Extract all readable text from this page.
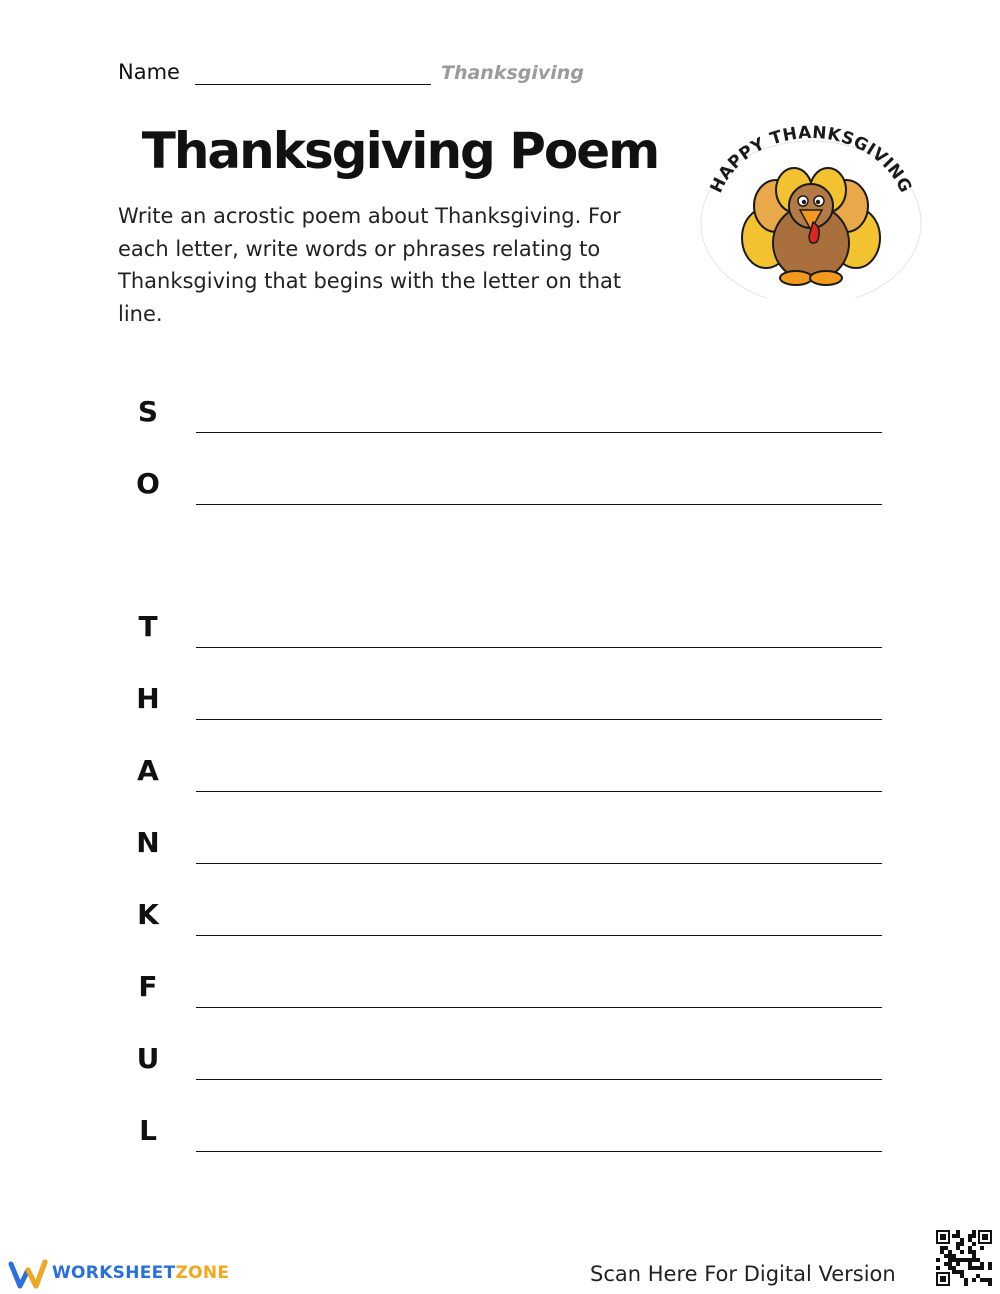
Name	Thanksgiving
Thanksgiving Poem
Write an acrostic poem about Thanksgiving. For each letter, write words or phrases relating to Thanksgiving that begins with the letter on that line.
HAPPY THANKSGIVING
S
O
T
H
A
N
K
F
U
L
WORKSHEETZONE	Scan Here For Digital Version
